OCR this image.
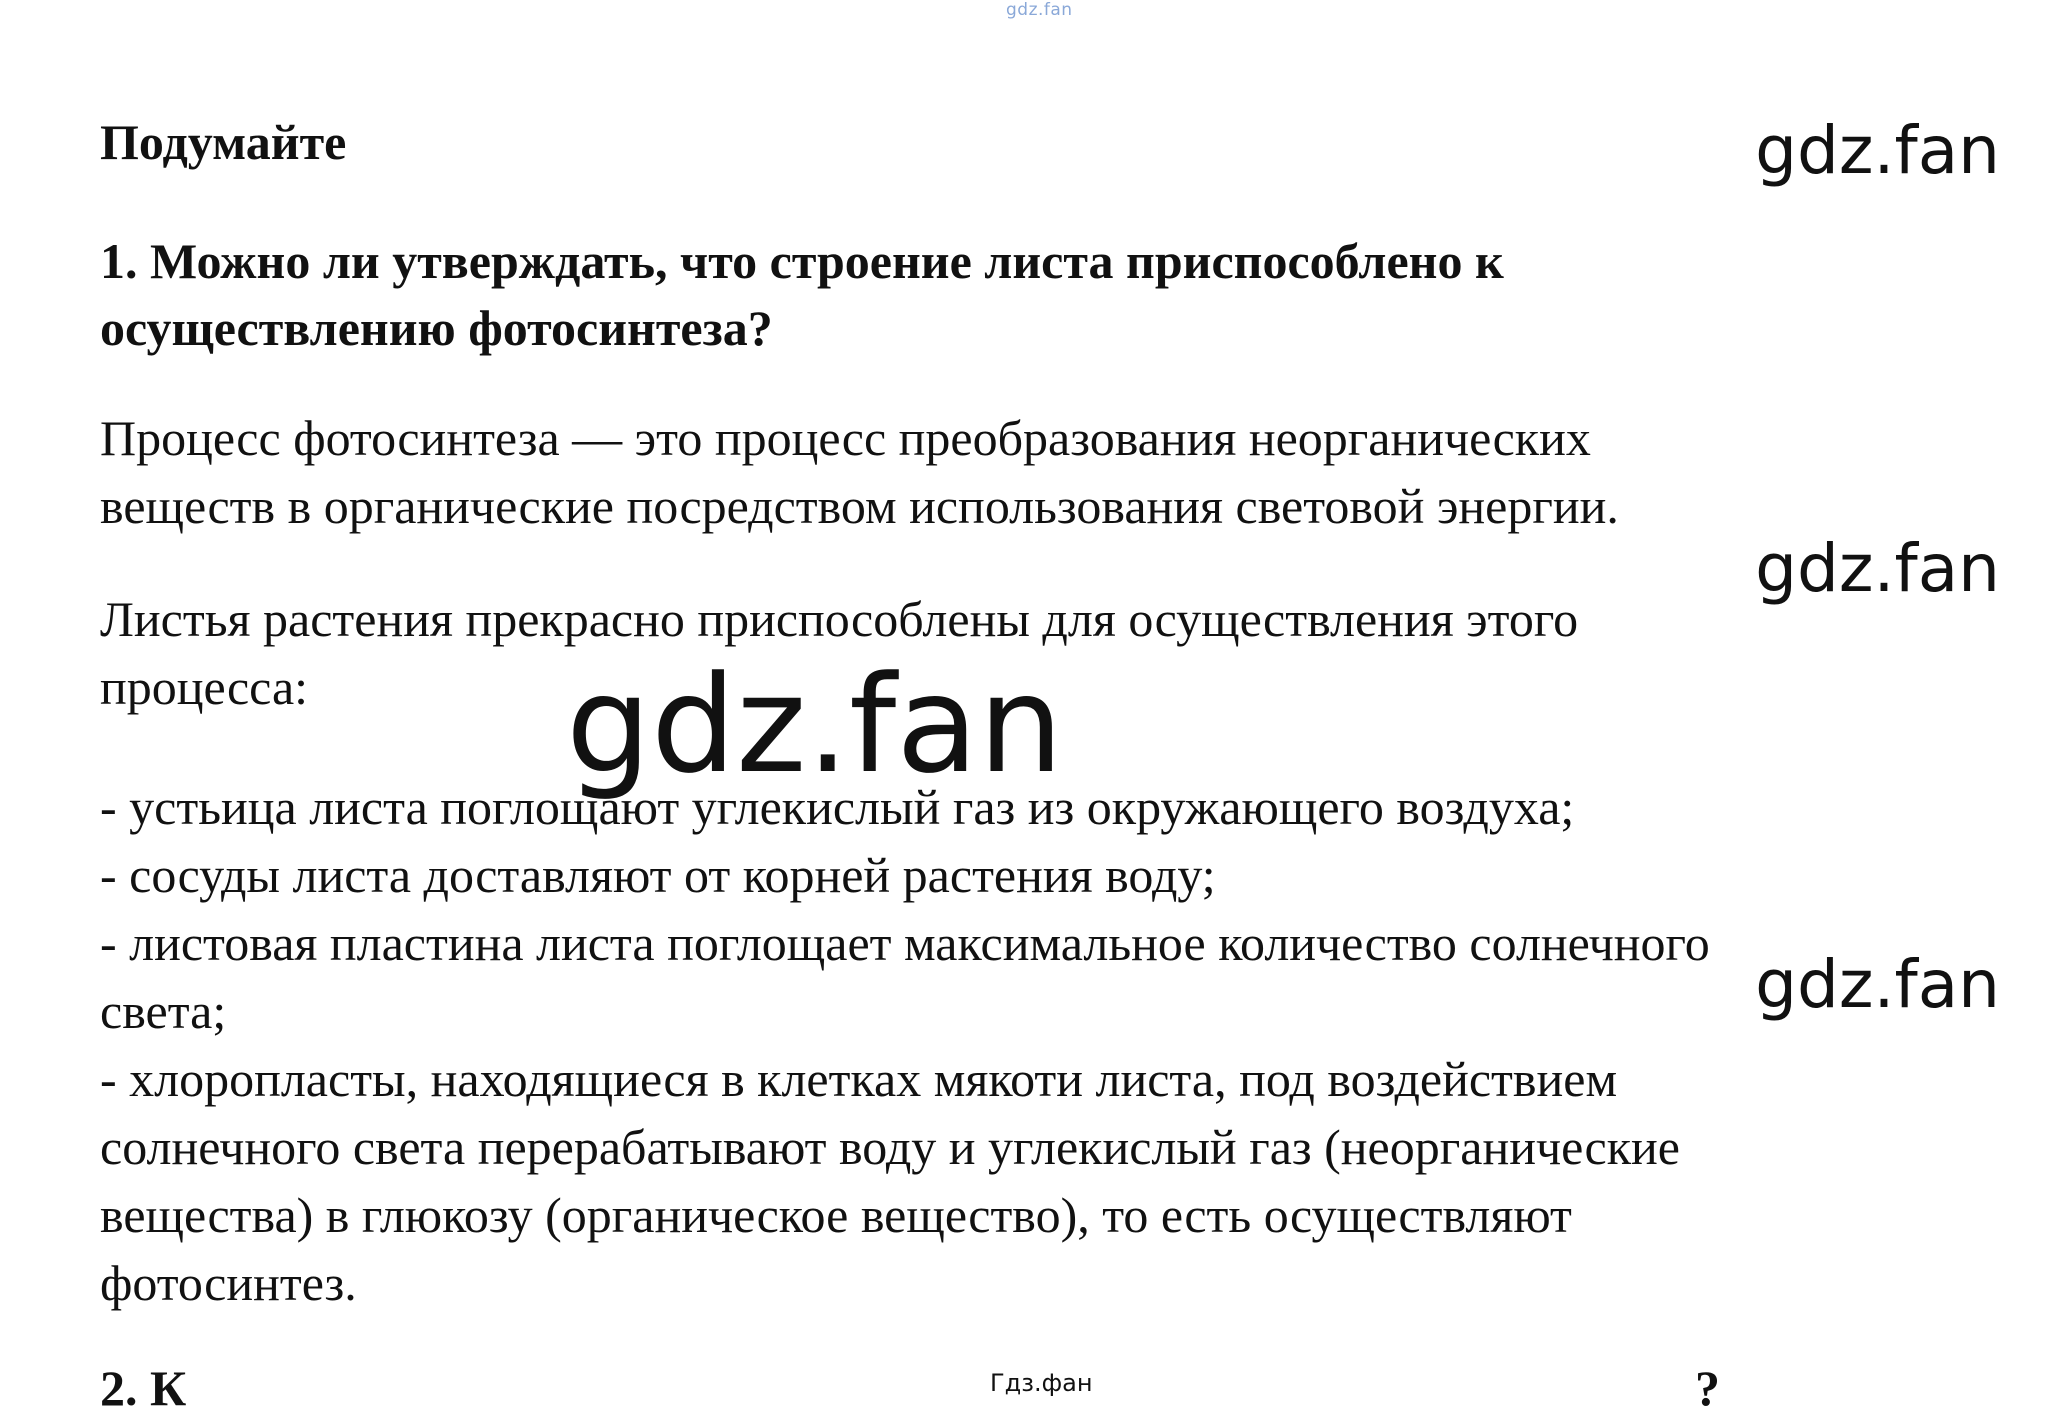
gdz.fan
Подумайте

1. Можно ли утверждать, что строение листа приспособлено к осуществлению фотосинтеза?

Процесс фотосинтеза — это процесс преобразования неорганических
веществ в органические посредством использования световой энергии.

Листья растения прекрасно приспособлены для осуществления этого
процесса:

- устьица листа поглощают углекислый газ из окружающего воздуха;
- сосуды листа доставляют от корней растения воду;
- листовая пластина листа поглощает максимальное количество солнечного
света;
- хлоропласты, находящиеся в клетках мякоти листа, под воздействием
солнечного света перерабатывают воду и углекислый газ (неорганические
вещества) в глюкозу (органическое вещество), то есть осуществляют
фотосинтез.

2. К	?
gdz.fan
gdz.fan
gdz.fan
gdz.fan
Гдз.фан
